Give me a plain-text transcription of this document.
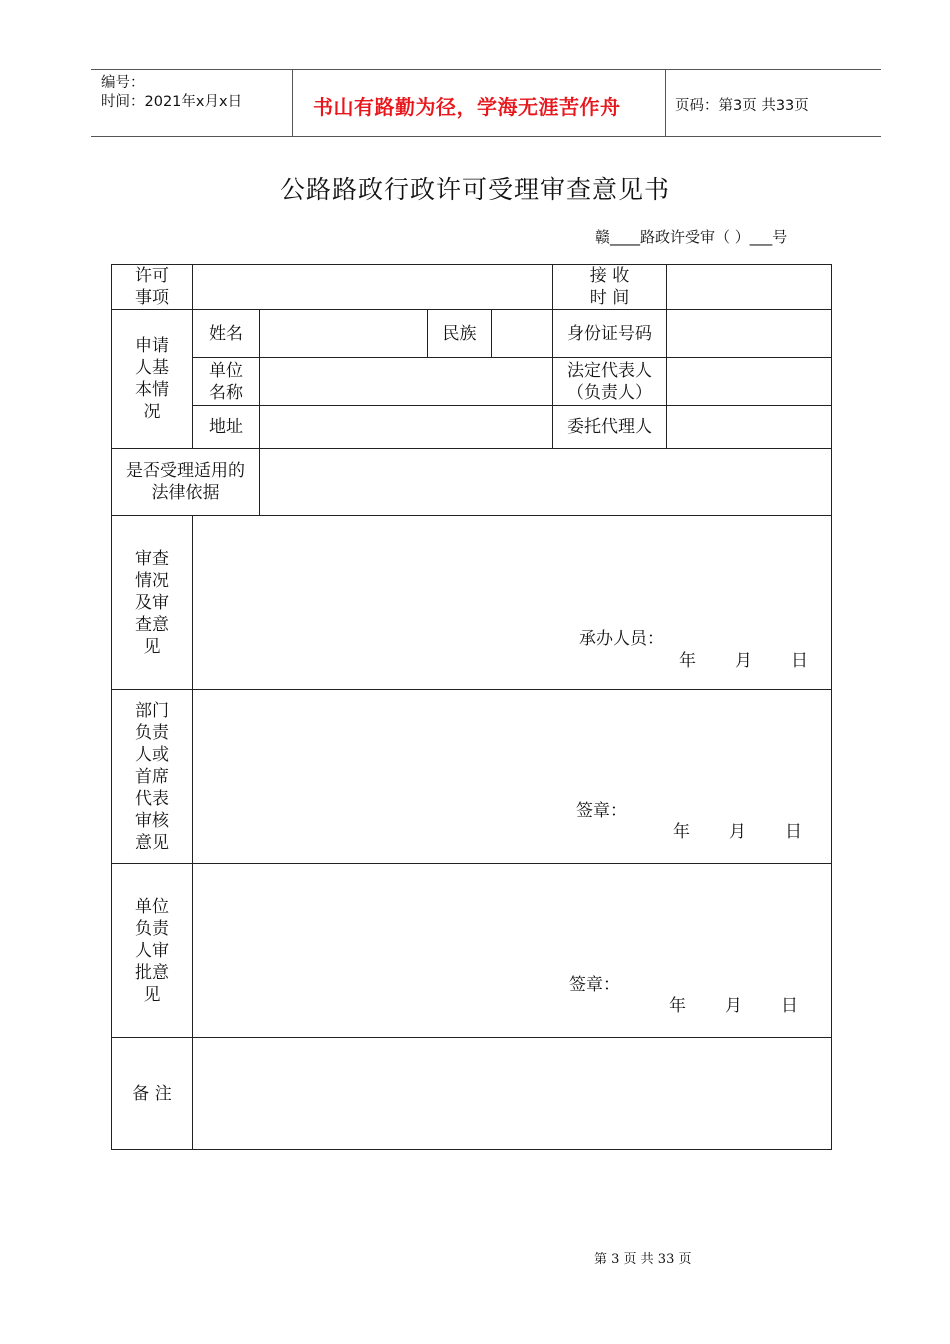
编号：
时间：2021年x月x日	书山有路勤为径，学海无涯苦作舟	页码：第3页 共33页
公路路政行政许可受理审查意见书
赣____路政许受审（ ）___号
许可事项					接 收 时 间	
申请人基本情况	姓名		民族		身份证号码	
	单位名称				法定代表人（负责人）	
	地址				委托代理人	
是否受理适用的法律依据						
审查情况及审查意见	承办人员：
年 月 日					

部门负责人或首席代表审核意见	签章：
年 月 日					

单位负责人审批意见	签章：
年 月 日					

备 注						
第 3 页 共 33 页
